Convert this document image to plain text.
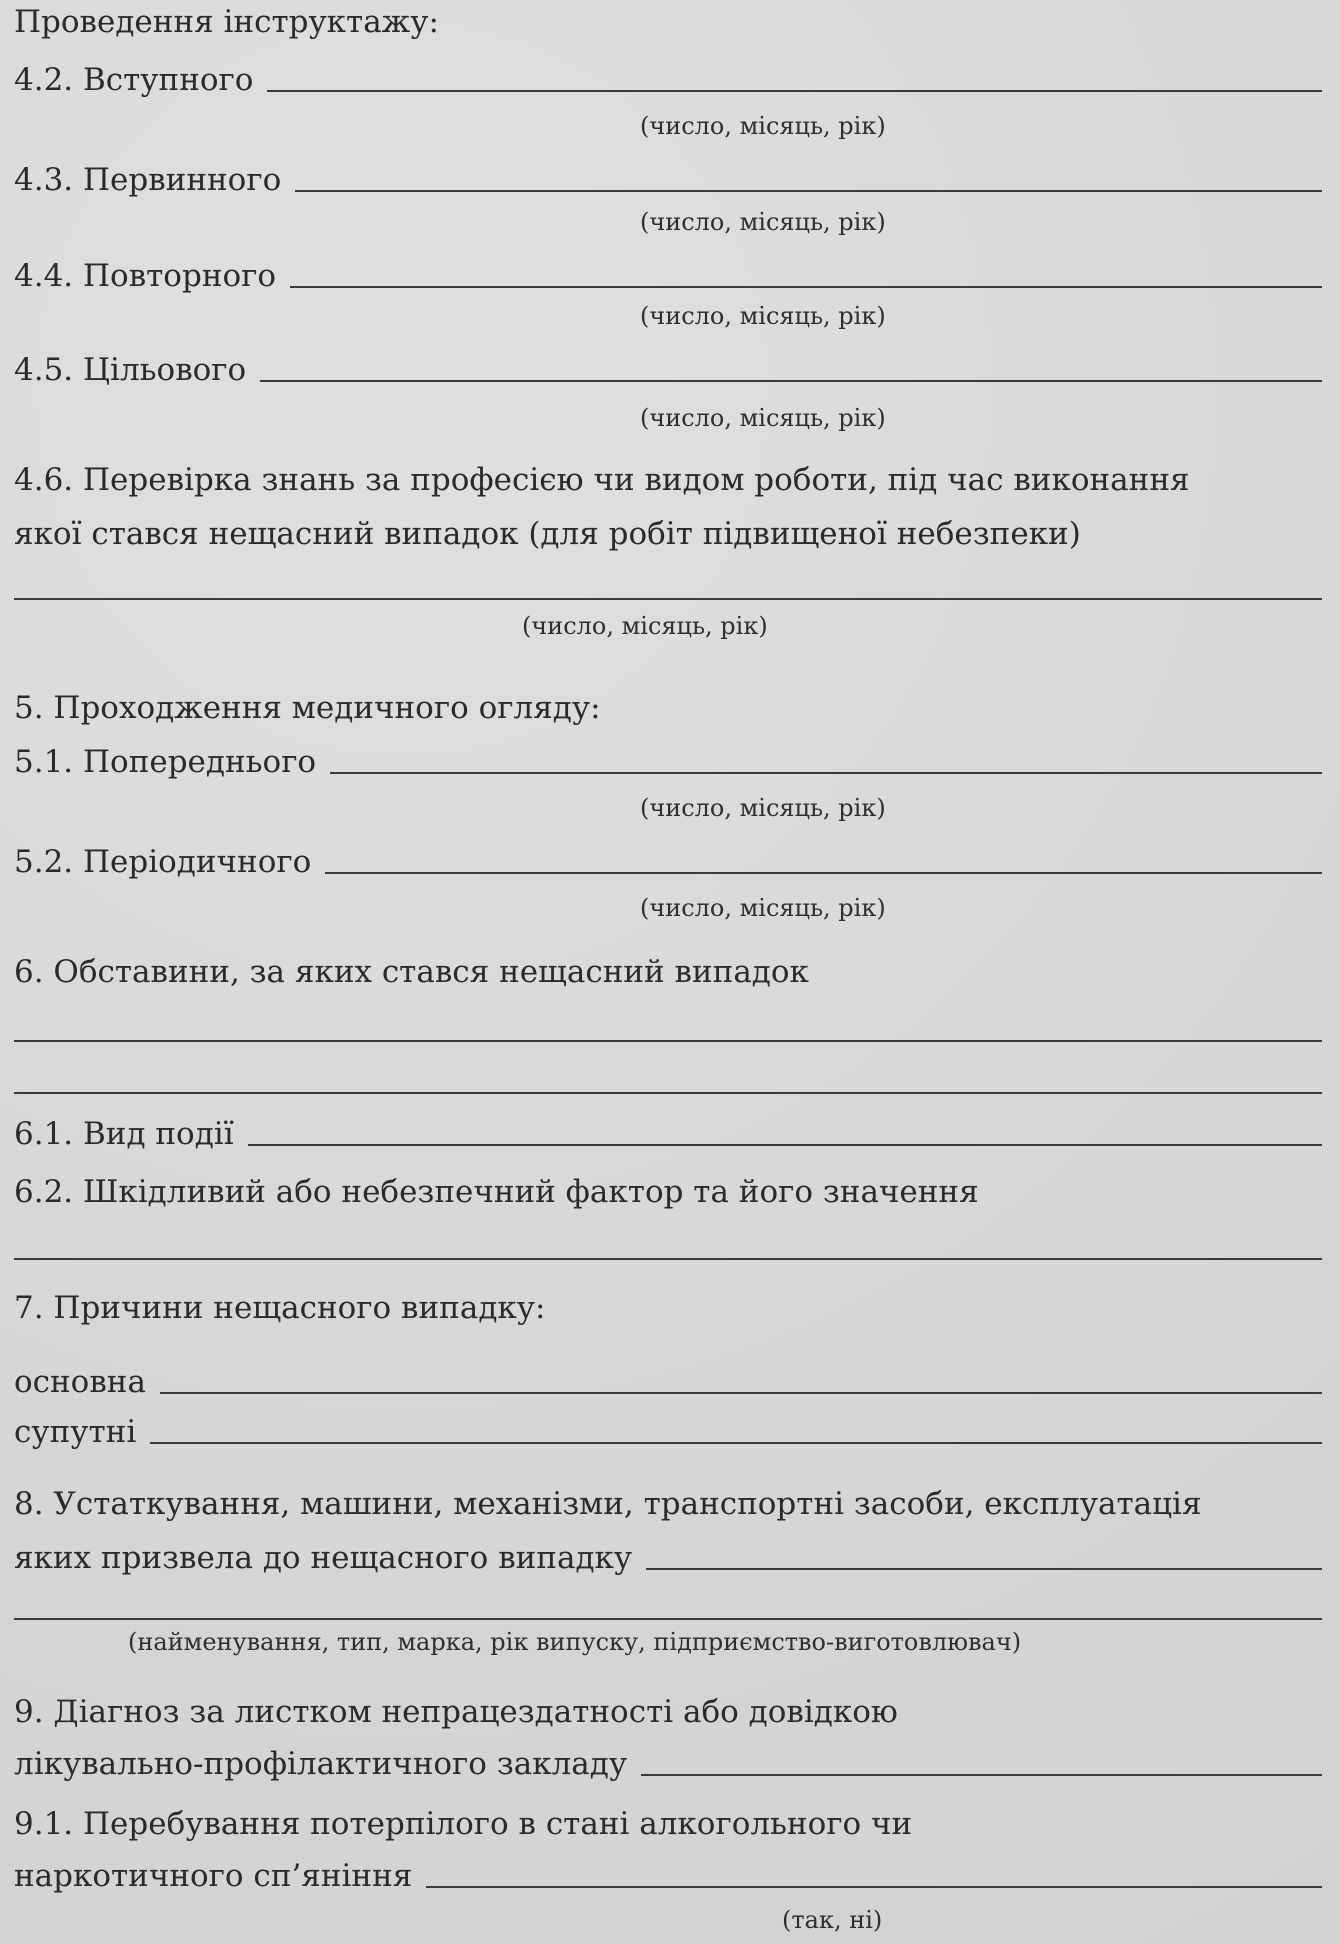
Проведення інструктажу:
4.2. Вступного
(число, місяць, рік)
4.3. Первинного
(число, місяць, рік)
4.4. Повторного
(число, місяць, рік)
4.5. Цільового
(число, місяць, рік)
4.6. Перевірка знань за професією чи видом роботи, під час виконання
якої стався нещасний випадок (для робіт підвищеної небезпеки)
(число, місяць, рік)
5. Проходження медичного огляду:
5.1. Попереднього
(число, місяць, рік)
5.2. Періодичного
(число, місяць, рік)
6. Обставини, за яких стався нещасний випадок
6.1. Вид події
6.2. Шкідливий або небезпечний фактор та його значення
7. Причини нещасного випадку:
основна
супутні
8. Устаткування, машини, механізми, транспортні засоби, експлуатація
яких призвела до нещасного випадку
(найменування, тип, марка, рік випуску, підприємство-виготовлювач)
9. Діагноз за листком непрацездатності або довідкою
лікувально-профілактичного закладу
9.1. Перебування потерпілого в стані алкогольного чи
наркотичного сп’яніння
(так, ні)
